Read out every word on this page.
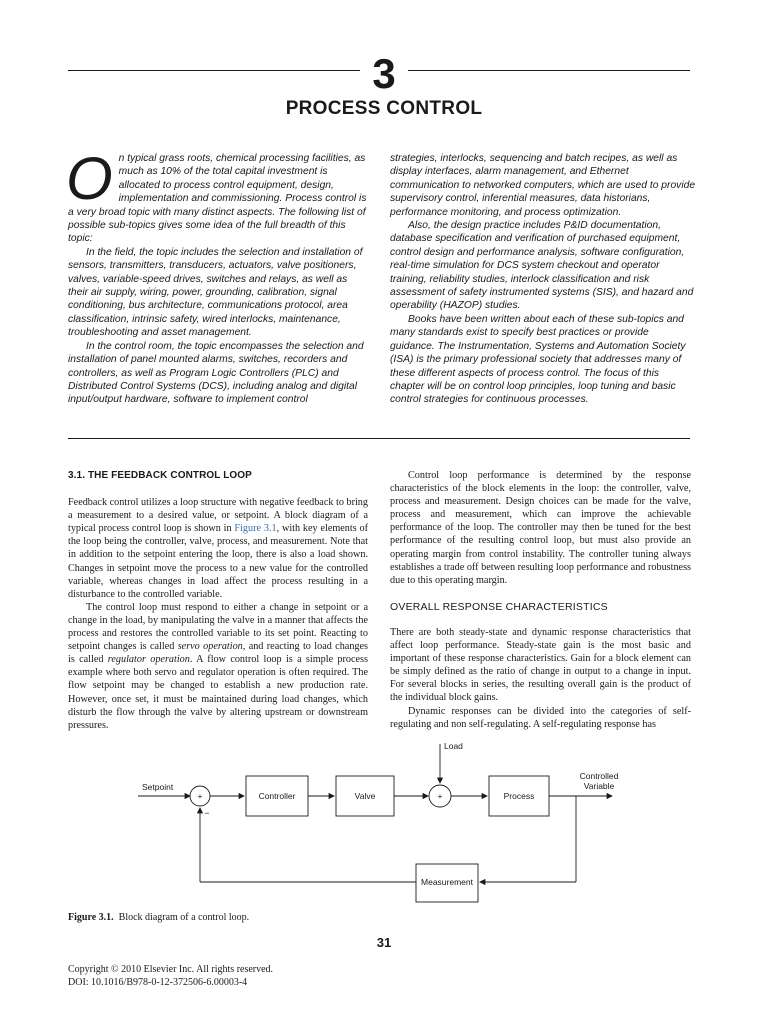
3
PROCESS CONTROL

On typical grass roots, chemical processing facilities, as much as 10% of the total capital investment is allocated to process control equipment, design, implementation and commissioning. Process control is a very broad topic with many distinct aspects. The following list of possible sub-topics gives some idea of the full breadth of this topic:

In the field, the topic includes the selection and installation of sensors, transmitters, transducers, actuators, valve positioners, valves, variable-speed drives, switches and relays, as well as their air supply, wiring, power, grounding, calibration, signal conditioning, bus architecture, communications protocol, area classification, intrinsic safety, wired interlocks, maintenance, troubleshooting and asset management.

In the control room, the topic encompasses the selection and installation of panel mounted alarms, switches, recorders and controllers, as well as Program Logic Controllers (PLC) and Distributed Control Systems (DCS), including analog and digital input/output hardware, software to implement control

strategies, interlocks, sequencing and batch recipes, as well as display interfaces, alarm management, and Ethernet communication to networked computers, which are used to provide supervisory control, inferential measures, data historians, performance monitoring, and process optimization.

Also, the design practice includes P&ID documentation, database specification and verification of purchased equipment, control design and performance analysis, software configuration, real-time simulation for DCS system checkout and operator training, reliability studies, interlock classification and risk assessment of safety instrumented systems (SIS), and hazard and operability (HAZOP) studies.

Books have been written about each of these sub-topics and many standards exist to specify best practices or provide guidance. The Instrumentation, Systems and Automation Society (ISA) is the primary professional society that addresses many of these different aspects of process control. The focus of this chapter will be on control loop principles, loop tuning and basic control strategies for continuous processes.

3.1. THE FEEDBACK CONTROL LOOP

Feedback control utilizes a loop structure with negative feedback to bring a measurement to a desired value, or setpoint. A block diagram of a typical process control loop is shown in Figure 3.1, with key elements of the loop being the controller, valve, process, and measurement. Note that in addition to the setpoint entering the loop, there is also a load shown. Changes in setpoint move the process to a new value for the controlled variable, whereas changes in load affect the process resulting in a disturbance to the controlled variable.

The control loop must respond to either a change in setpoint or a change in the load, by manipulating the valve in a manner that affects the process and restores the controlled variable to its set point. Reacting to setpoint changes is called servo operation, and reacting to load changes is called regulator operation. A flow control loop is a simple process example where both servo and regulator operation is often required. The flow setpoint may be changed to establish a new production rate. However, once set, it must be maintained during load changes, which disturb the flow through the valve by altering upstream or downstream pressures.

Control loop performance is determined by the response characteristics of the block elements in the loop: the controller, valve, process and measurement. Design choices can be made for the valve, process and measurement, which can improve the achievable performance of the loop. The controller may then be tuned for the best performance of the resulting control loop, but must also provide an operating margin from control instability. The controller tuning always establishes a trade off between resulting loop performance and robustness due to this operating margin.

OVERALL RESPONSE CHARACTERISTICS

There are both steady-state and dynamic response characteristics that affect loop performance. Steady-state gain is the most basic and important of these response characteristics. Gain for a block element can be simply defined as the ratio of change in output to a change in input. For several blocks in series, the resulting overall gain is the product of the individual block gains.

Dynamic responses can be divided into the categories of self-regulating and non self-regulating. A self-regulating response has

Load
Setpoint
Controller	Valve	Process
Measurement
Controlled
Variable
+
−
+
Figure 3.1. Block diagram of a control loop.
31
Copyright © 2010 Elsevier Inc. All rights reserved.
DOI: 10.1016/B978-0-12-372506-6.00003-4
